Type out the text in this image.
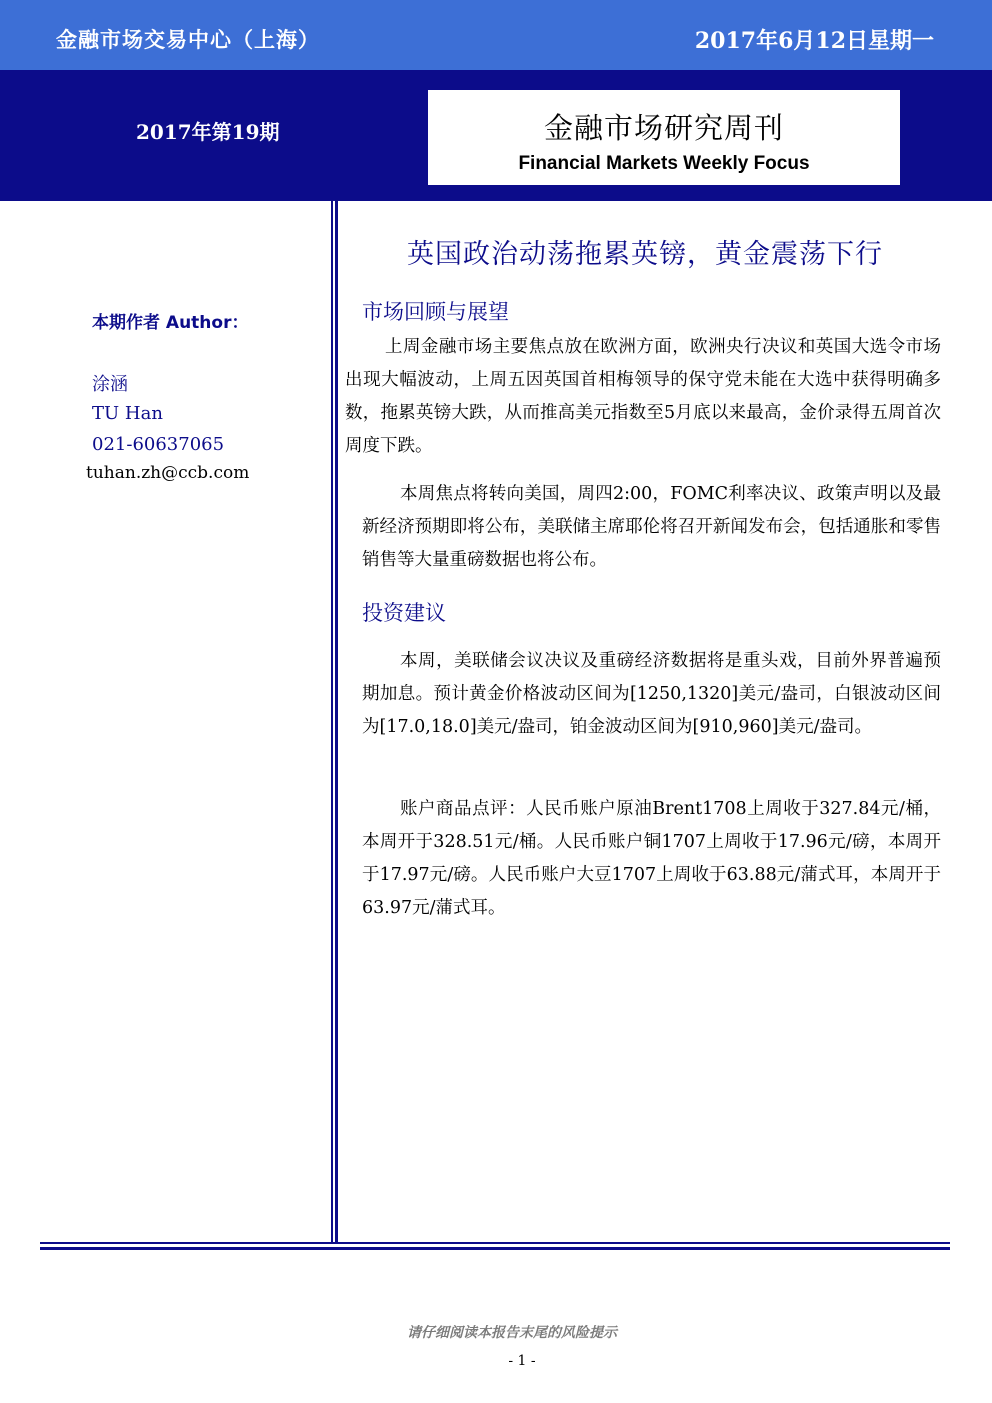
金融市场交易中心（上海）	2017年6月12日星期一
2017年第19期	金融市场研究周刊
Financial Markets Weekly Focus
本期作者 Author：
涂涵
TU Han
021-60637065
tuhan.zh@ccb.com
英国政治动荡拖累英镑，黄金震荡下行
市场回顾与展望
上周金融市场主要焦点放在欧洲方面，欧洲央行决议和英国大选令市场出现大幅波动，上周五因英国首相梅领导的保守党未能在大选中获得明确多数，拖累英镑大跌，从而推高美元指数至5月底以来最高，金价录得五周首次周度下跌。
本周焦点将转向美国，周四2:00，FOMC利率决议、政策声明以及最新经济预期即将公布，美联储主席耶伦将召开新闻发布会，包括通胀和零售销售等大量重磅数据也将公布。
投资建议
本周，美联储会议决议及重磅经济数据将是重头戏，目前外界普遍预期加息。预计黄金价格波动区间为[1250,1320]美元/盎司，白银波动区间为[17.0,18.0]美元/盎司，铂金波动区间为[910,960]美元/盎司。
账户商品点评：人民币账户原油Brent1708上周收于327.84元/桶，本周开于328.51元/桶。人民币账户铜1707上周收于17.96元/磅，本周开于17.97元/磅。人民币账户大豆1707上周收于63.88元/蒲式耳，本周开于63.97元/蒲式耳。
请仔细阅读本报告末尾的风险提示
- 1 -
